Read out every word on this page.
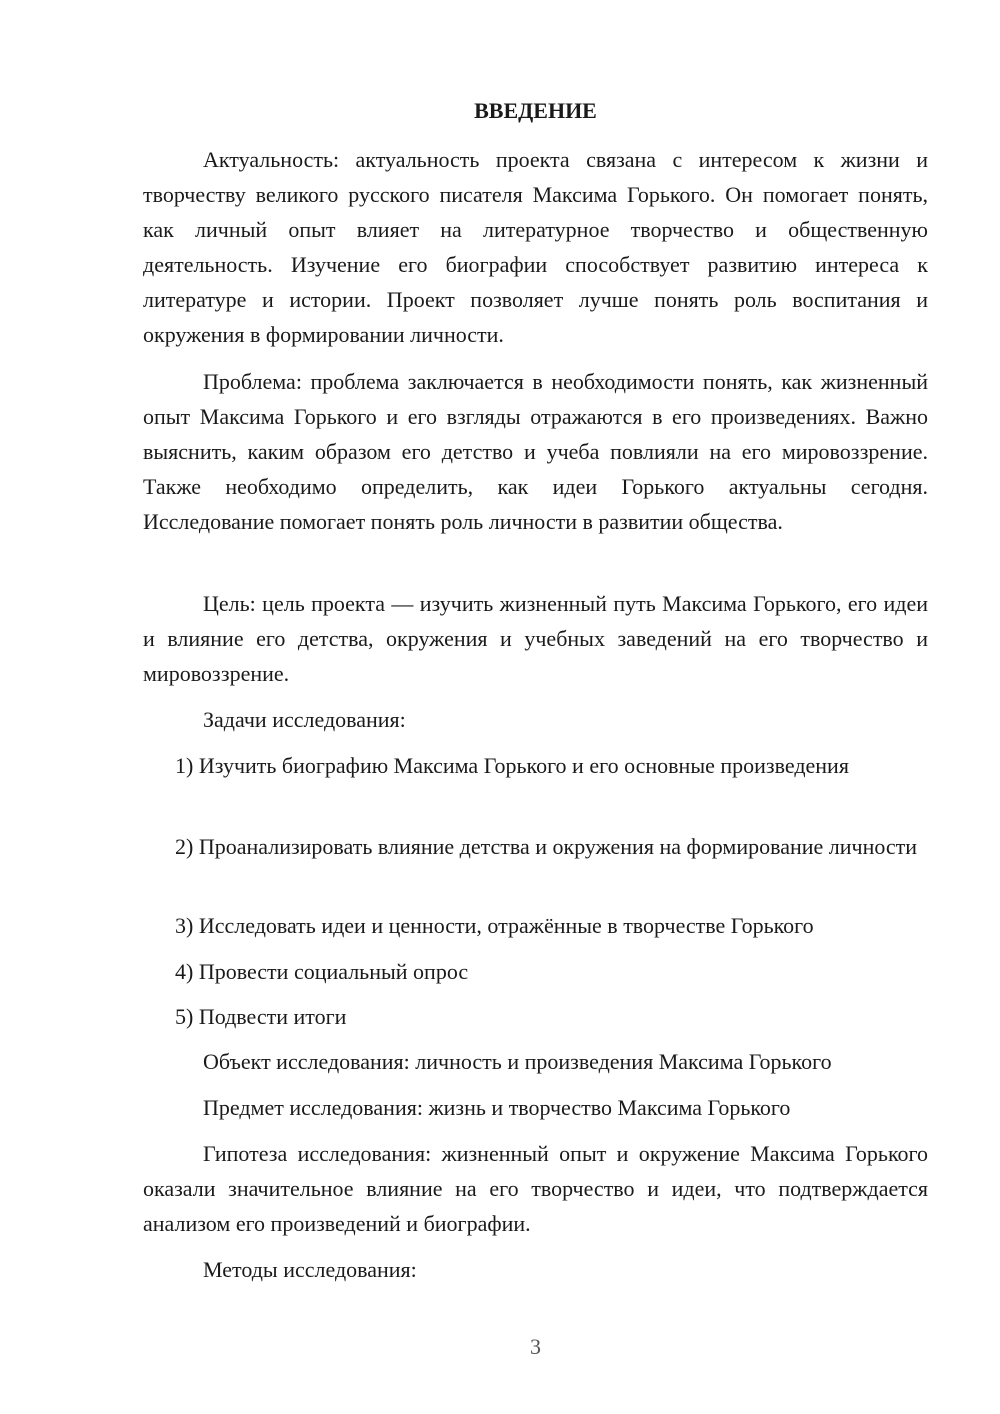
ВВЕДЕНИЕ

Актуальность: актуальность проекта связана с интересом к жизни и творчеству великого русского писателя Максима Горького. Он помогает понять, как личный опыт влияет на литературное творчество и общественную деятельность. Изучение его биографии способствует развитию интереса к литературе и истории. Проект позволяет лучше понять роль воспитания и окружения в формировании личности.

Проблема: проблема заключается в необходимости понять, как жизненный опыт Максима Горького и его взгляды отражаются в его произведениях. Важно выяснить, каким образом его детство и учеба повлияли на его мировоззрение. Также необходимо определить, как идеи Горького актуальны сегодня. Исследование помогает понять роль личности в развитии общества.

Цель: цель проекта — изучить жизненный путь Максима Горького, его идеи и влияние его детства, окружения и учебных заведений на его творчество и мировоззрение.

Задачи исследования:

1) Изучить биографию Максима Горького и его основные произведения

2) Проанализировать влияние детства и окружения на формирование личности

3) Исследовать идеи и ценности, отражённые в творчестве Горького

4) Провести социальный опрос

5) Подвести итоги

Объект исследования: личность и произведения Максима Горького

Предмет исследования: жизнь и творчество Максима Горького

Гипотеза исследования: жизненный опыт и окружение Максима Горького оказали значительное влияние на его творчество и идеи, что подтверждается анализом его произведений и биографии.

Методы исследования:

3
